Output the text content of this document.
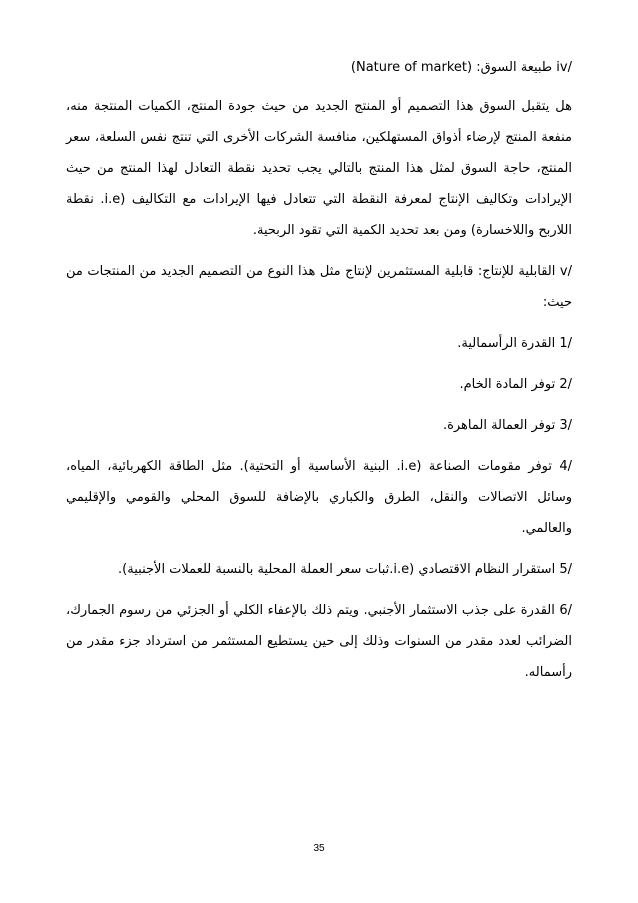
/iv طبيعة السوق: (Nature of market)

هل يتقبل السوق هذا التصميم أو المنتج الجديد من حيث جودة المنتج، الكميات المنتجة منه، منفعة المنتج لإرضاء أذواق المستهلكين، منافسة الشركات الأخرى التي تنتج نفس السلعة، سعر المنتج، حاجة السوق لمثل هذا المنتج بالتالي يجب تحديد نقطة التعادل لهذا المنتج من حيث الإيرادات وتكاليف الإنتاج لمعرفة النقطة التي تتعادل فيها الإيرادات مع التكاليف (i.e. نقطة اللاربح واللاخسارة) ومن بعد تحديد الكمية التي تقود الربحية.

/v القابلية للإنتاج: قابلية المستثمرين لإنتاج مثل هذا النوع من التصميم الجديد من المنتجات من حيث:

/1 القدرة الرأسمالية.

/2 توفر المادة الخام.

/3 توفر العمالة الماهرة.

/4 توفر مقومات الصناعة (i.e. البنية الأساسية أو التحتية). مثل الطاقة الكهربائية، المياه، وسائل الاتصالات والنقل، الطرق والكباري بالإضافة للسوق المحلي والقومي والإقليمي والعالمي.

/5 استقرار النظام الاقتصادي (i.e.ثبات سعر العملة المحلية بالنسبة للعملات الأجنبية).

/6 القدرة على جذب الاستثمار الأجنبي. ويتم ذلك بالإعفاء الكلي أو الجزئي من رسوم الجمارك، الضرائب لعدد مقدر من السنوات وذلك إلى حين يستطيع المستثمر من استرداد جزء مقدر من رأسماله.

35
